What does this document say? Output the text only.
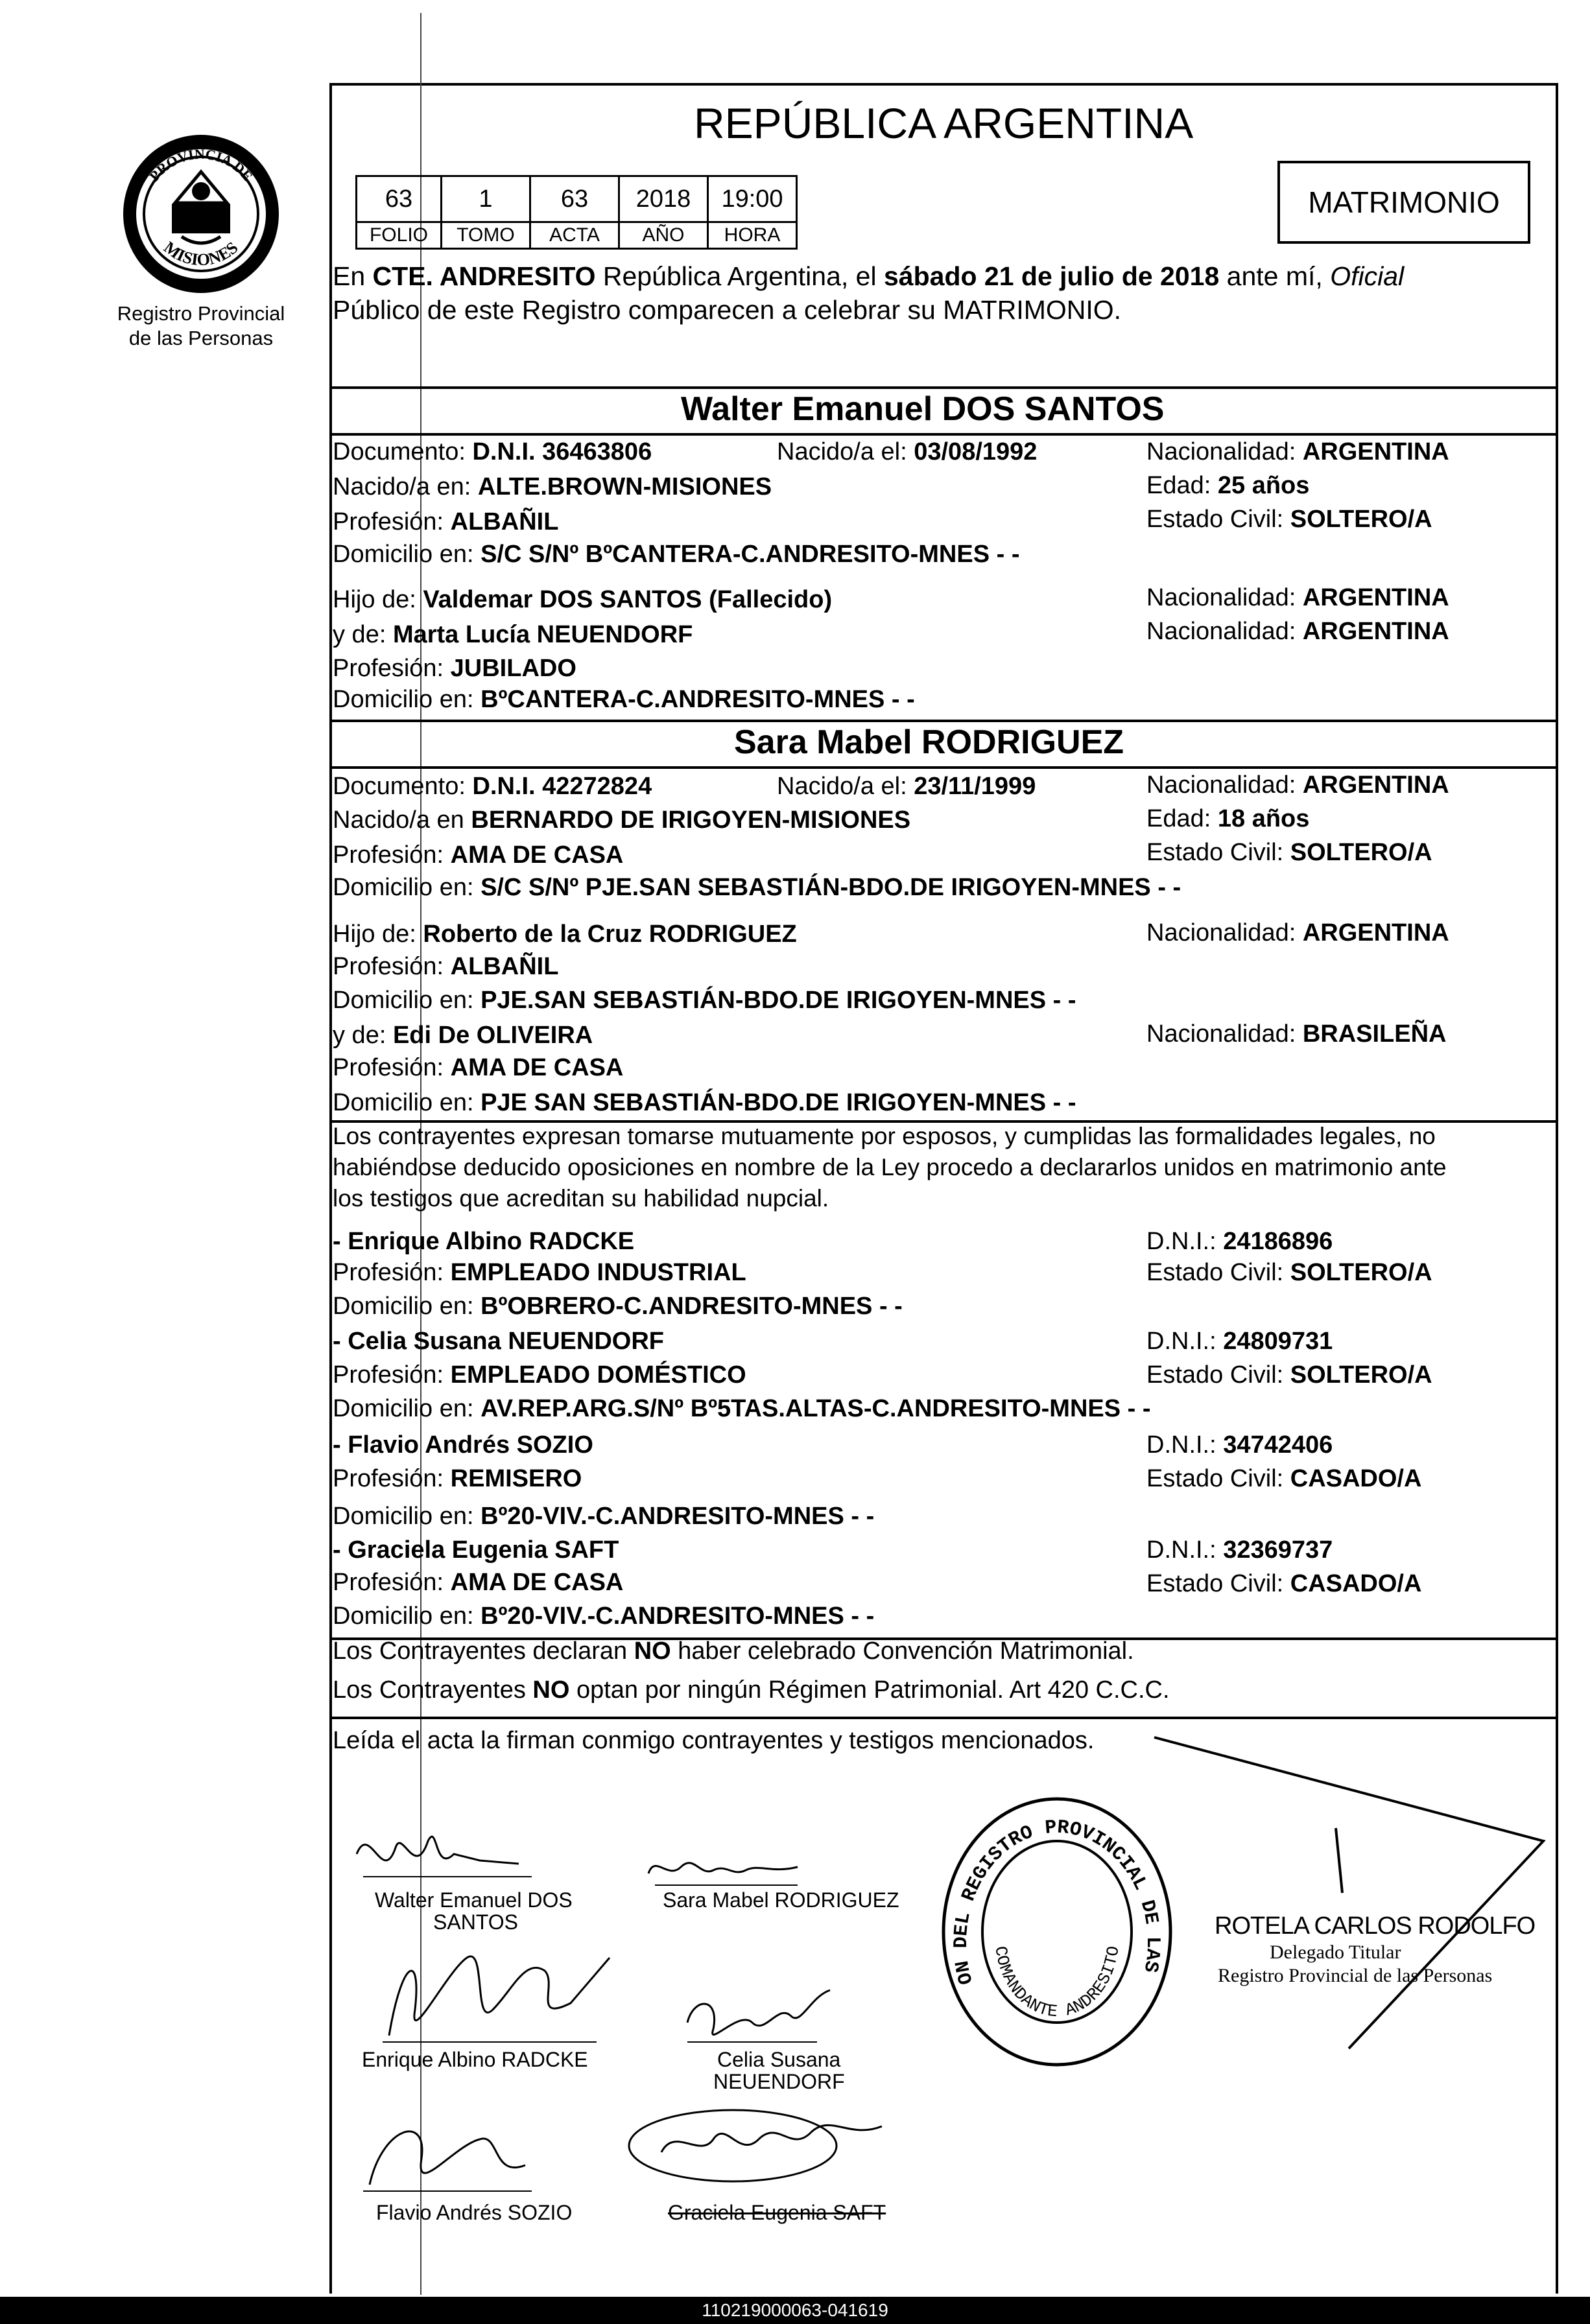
PROVINCIA DE
MISIONES
Registro Provincial
de las Personas
REPÚBLICA ARGENTINA
63	1	63	2018	19:00
FOLIO	TOMO	ACTA	AÑO	HORA
MATRIMONIO
En CTE. ANDRESITO República Argentina, el sábado 21 de julio de 2018 ante mí, Oficial
Público de este Registro comparecen a celebrar su MATRIMONIO.
Walter Emanuel DOS SANTOS
Documento: D.N.I. 36463806	Nacido/a el: 03/08/1992	Nacionalidad: ARGENTINA
Nacido/a en: ALTE.BROWN-MISIONES	Edad: 25 años
Profesión: ALBAÑIL	Estado Civil: SOLTERO/A
Domicilio en: S/C S/Nº BºCANTERA-C.ANDRESITO-MNES - -
Hijo de: Valdemar DOS SANTOS (Fallecido)	Nacionalidad: ARGENTINA
y de: Marta Lucía NEUENDORF	Nacionalidad: ARGENTINA
Profesión: JUBILADO
Domicilio en: BºCANTERA-C.ANDRESITO-MNES - -
Sara Mabel RODRIGUEZ
Documento: D.N.I. 42272824	Nacido/a el: 23/11/1999	Nacionalidad: ARGENTINA
Nacido/a en BERNARDO DE IRIGOYEN-MISIONES	Edad: 18 años
Profesión: AMA DE CASA	Estado Civil: SOLTERO/A
Domicilio en: S/C S/Nº PJE.SAN SEBASTIÁN-BDO.DE IRIGOYEN-MNES - -
Hijo de: Roberto de la Cruz RODRIGUEZ	Nacionalidad: ARGENTINA
Profesión: ALBAÑIL
Domicilio en: PJE.SAN SEBASTIÁN-BDO.DE IRIGOYEN-MNES - -
y de: Edi De OLIVEIRA	Nacionalidad: BRASILEÑA
Profesión: AMA DE CASA
Domicilio en: PJE SAN SEBASTIÁN-BDO.DE IRIGOYEN-MNES - -
Los contrayentes expresan tomarse mutuamente por esposos, y cumplidas las formalidades legales, no
habiéndose deducido oposiciones en nombre de la Ley procedo a declararlos unidos en matrimonio ante
los testigos que acreditan su habilidad nupcial.
- Enrique Albino RADCKE	D.N.I.: 24186896
Profesión: EMPLEADO INDUSTRIAL	Estado Civil: SOLTERO/A
Domicilio en: BºOBRERO-C.ANDRESITO-MNES - -
- Celia Susana NEUENDORF	D.N.I.: 24809731
Profesión: EMPLEADO DOMÉSTICO	Estado Civil: SOLTERO/A
Domicilio en: AV.REP.ARG.S/Nº Bº5TAS.ALTAS-C.ANDRESITO-MNES - -
- Flavio Andrés SOZIO	D.N.I.: 34742406
Profesión: REMISERO	Estado Civil: CASADO/A
Domicilio en: Bº20-VIV.-C.ANDRESITO-MNES - -
- Graciela Eugenia SAFT	D.N.I.: 32369737
Profesión: AMA DE CASA	Estado Civil: CASADO/A
Domicilio en: Bº20-VIV.-C.ANDRESITO-MNES - -
Los Contrayentes declaran NO haber celebrado Convención Matrimonial.
Los Contrayentes NO optan por ningún Régimen Patrimonial. Art 420 C.C.C.
Leída el acta la firman conmigo contrayentes y testigos mencionados.
Walter Emanuel DOS
SANTOS
Sara Mabel RODRIGUEZ
Enrique Albino RADCKE	Celia Susana
NEUENDORF
Flavio Andrés SOZIO	Graciela Eugenia SAFT
ON DEL REGISTRO PROVINCIAL DE LAS
COMANDANTE ANDRESITO
ROTELA CARLOS RODOLFO
Delegado Titular
Registro Provincial de las Personas
110219000063-041619
